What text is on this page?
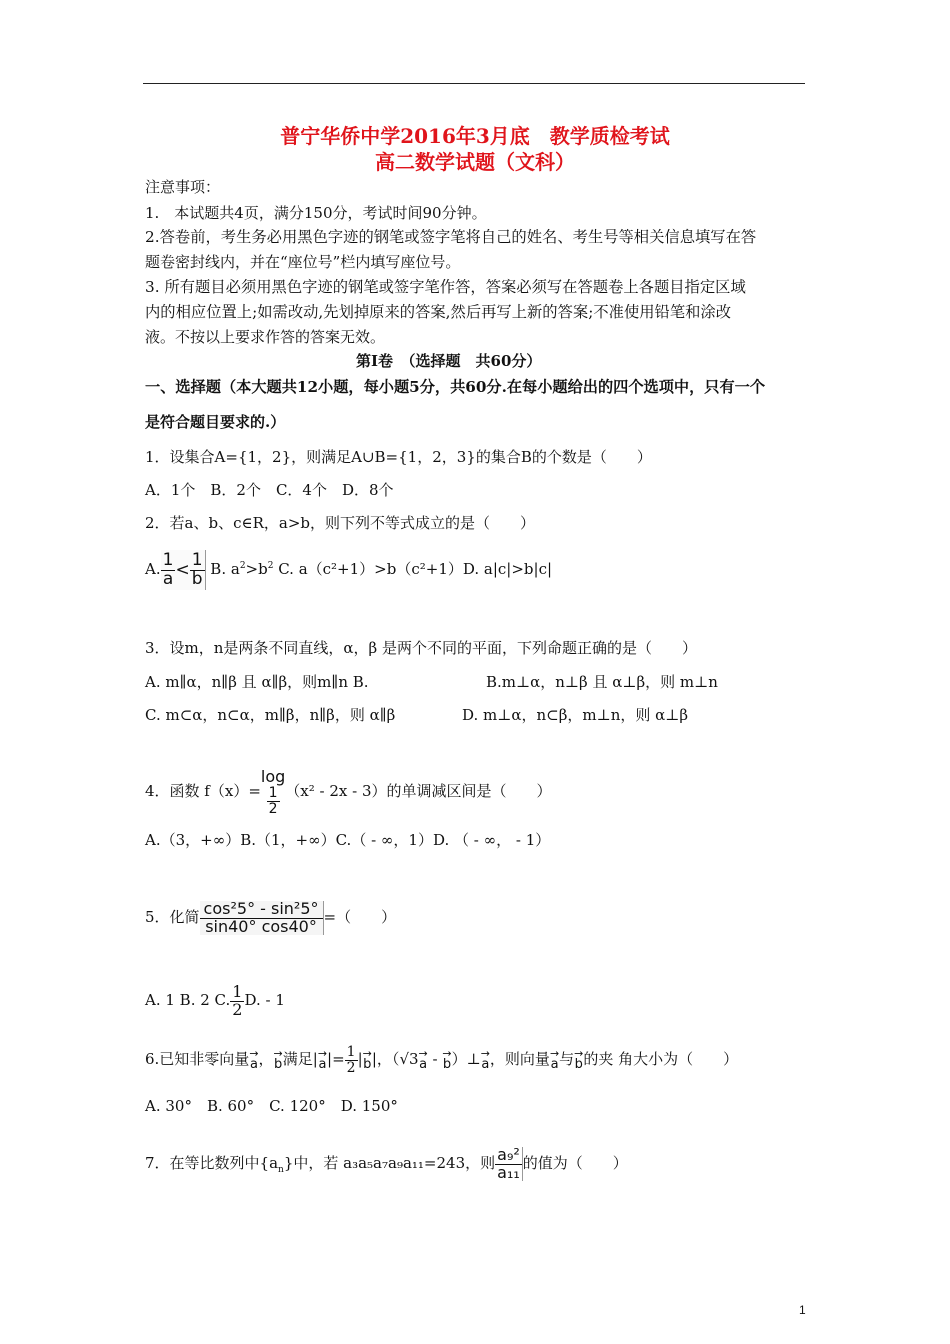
普宁华侨中学2016年3月底　教学质检考试
高二数学试题（文科）
注意事项：
1.　本试题共4页，满分150分，考试时间90分钟。
2.答卷前，考生务必用黑色字迹的钢笔或签字笔将自己的姓名、考生号等相关信息填写在答
题卷密封线内，并在“座位号”栏内填写座位号。
3. 所有题目必须用黑色字迹的钢笔或签字笔作答，答案必须写在答题卷上各题目指定区域
内的相应位置上;如需改动,先划掉原来的答案,然后再写上新的答案;不准使用铅笔和涂改
液。不按以上要求作答的答案无效。
第Ⅰ卷　（选择题　共60分）
一、选择题（本大题共12小题，每小题5分，共60分.在每小题给出的四个选项中，只有一个
是符合题目要求的.）
1．设集合A={1，2}，则满足A∪B={1，2，3}的集合B的个数是（　　）
A．1个　B．2个　C．4个　D．8个
2．若a、b、c∈R，a>b，则下列不等式成立的是（　　）
A. $\frac{1}{a} < \frac{1}{b} B$. $a^2>b^2$ C. a（c²+1）>b（c²+1）D. a|c|>b|c|
3．设m，n是两条不同直线，α，β 是两个不同的平面，下列命题正确的是（　　）
A. m∥α，n∥β 且 α∥β，则m∥n B.	B.m⊥α，n⊥β 且 α⊥β，则 m⊥n
C. m⊂α，n⊂α，m∥β，n∥β，则 α∥β	D. m⊥α，n⊂β，m⊥n，则 α⊥β
4．函数 f（x）=
log
$\frac{1}{2} (x^2 - 2x - 3)$的单调减区间是（　　）
A.（3，+∞）B.（1，+∞）C.（ - ∞，1）D. （ - ∞， - 1）
5．化简 $\frac{\text{cos²5° - sin²5°}}{\sin 40^\circ \cos 40^\circ}$ =（　　）
A. 1 B. 2 C. $\frac{1}{2} D$. - 1
6.已知非零向量 →
a， →
b满足| →
$a|= \frac{1}{2}$ | →
b|，（√3 →
a - →
b）⊥ →
a，则向量 →
a与 →
b的夹 角大小为（　　）
A. 30°　B. 60°　C. 120°　D. 150°
7．在等比数列中$\{a_n\}$中，若 a₃a₅a₇a₉a₁₁=243，则 $\frac{\text{a₉²}}{\text{a₁₁}}$ 的值为（　　）
1
